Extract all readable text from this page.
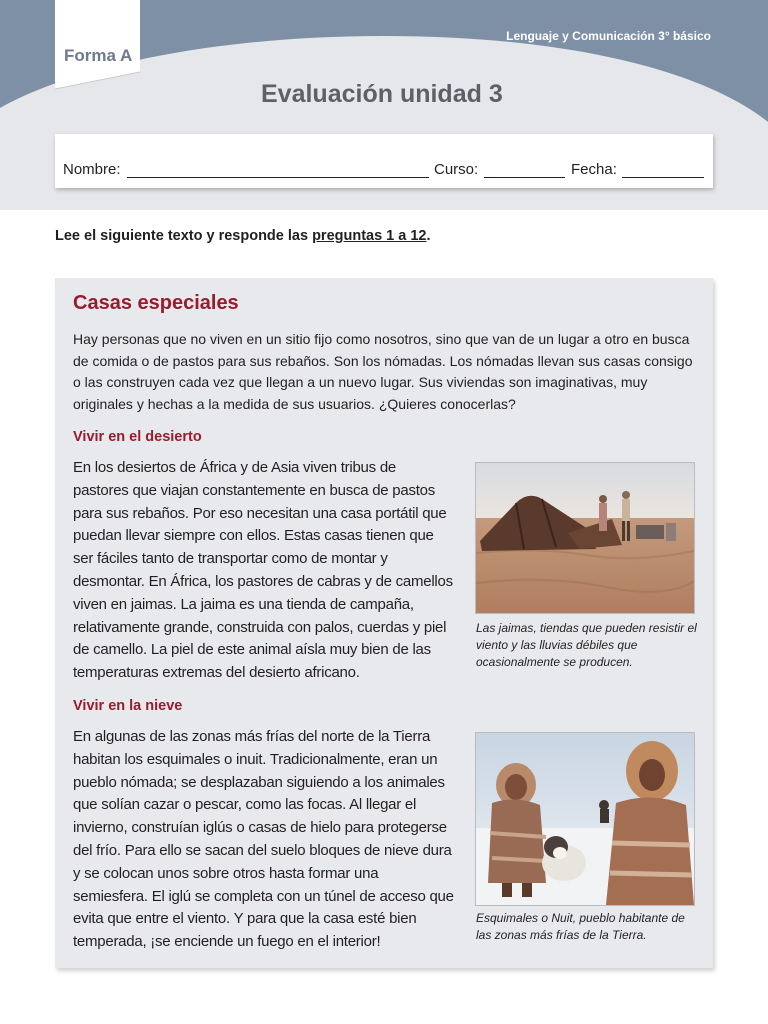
Lenguaje y Comunicación 3° básico
Forma A
Evaluación unidad 3
Nombre:	Curso:	Fecha:
Lee el siguiente texto y responde las preguntas 1 a 12.
Casas especiales
Hay personas que no viven en un sitio fijo como nosotros, sino que van de un lugar a otro en busca de comida o de pastos para sus rebaños. Son los nómadas. Los nómadas llevan sus casas consigo o las construyen cada vez que llegan a un nuevo lugar. Sus viviendas son imaginativas, muy originales y hechas a la medida de sus usuarios. ¿Quieres conocerlas?
Vivir en el desierto
En los desiertos de África y de Asia viven tribus de pastores que viajan constantemente en busca de pastos para sus rebaños. Por eso necesitan una casa portátil que puedan llevar siempre con ellos. Estas casas tienen que ser fáciles tanto de transportar como de montar y desmontar. En África, los pastores de cabras y de camellos viven en jaimas. La jaima es una tienda de campaña, relativamente grande, construida con palos, cuerdas y piel de camello. La piel de este animal aísla muy bien de las temperaturas extremas del desierto africano.
Las jaimas, tiendas que pueden resistir el viento y las lluvias débiles que ocasionalmente se producen.
Vivir en la nieve
En algunas de las zonas más frías del norte de la Tierra habitan los esquimales o inuit. Tradicionalmente, eran un pueblo nómada; se desplazaban siguiendo a los animales que solían cazar o pescar, como las focas. Al llegar el invierno, construían iglús o casas de hielo para protegerse del frío. Para ello se sacan del suelo bloques de nieve dura y se colocan unos sobre otros hasta formar una semiesfera. El iglú se completa con un túnel de acceso que evita que entre el viento. Y para que la casa esté bien temperada, ¡se enciende un fuego en el interior!
Esquimales o Nuit, pueblo habitante de las zonas más frías de la Tierra.
